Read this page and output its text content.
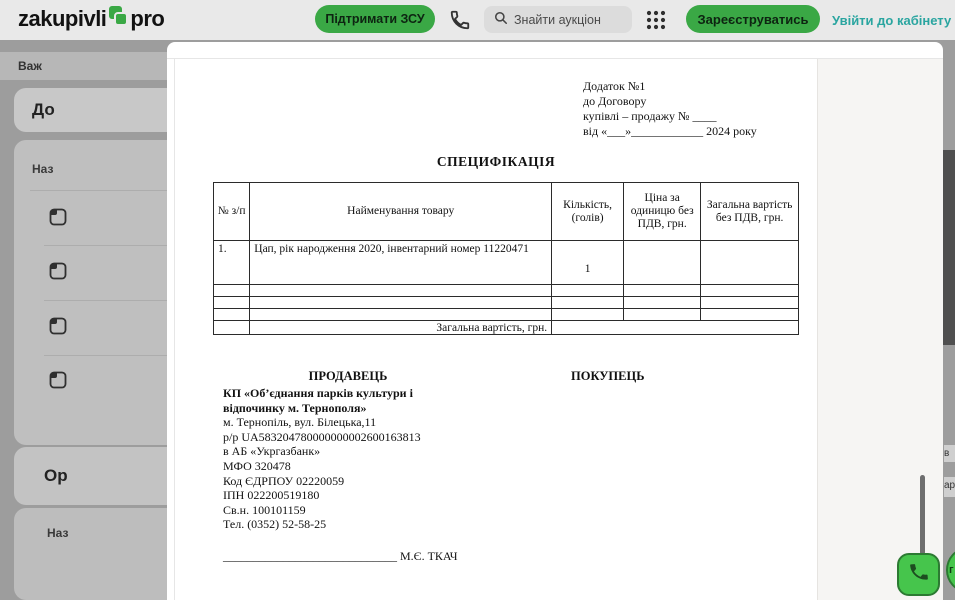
zakupivli pro	Підтримати ЗСУ	Знайти аукціон	Зареєструватись	Увійти до кабінету
Важ
До
Наз
Ор
Наз
в
ар
г
Додаток №1
до Договору
купівлі – продажу № ____
від «___»____________ 2024 року
СПЕЦИФІКАЦІЯ
№ з/п	Найменування товару	Кількість, (голів)	Ціна за одиницю без ПДВ, грн.	Загальна вартість без ПДВ, грн.
1.	Цап, рік народження 2020, інвентарний номер 11220471	1		

	Загальна вартість, грн.			
ПРОДАВЕЦЬ	ПОКУПЕЦЬ
КП «Об’єднання парків культури і
відпочинку м. Тернополя»
м. Тернопіль, вул. Білецька,11
р/р UA583204780000000002600163813
в АБ «Укргазбанк»
МФО 320478
Код ЄДРПОУ 02220059
ІПН 022200519180
Св.н. 100101159
Тел. (0352) 52-58-25
_____________________________ М.Є. ТКАЧ
